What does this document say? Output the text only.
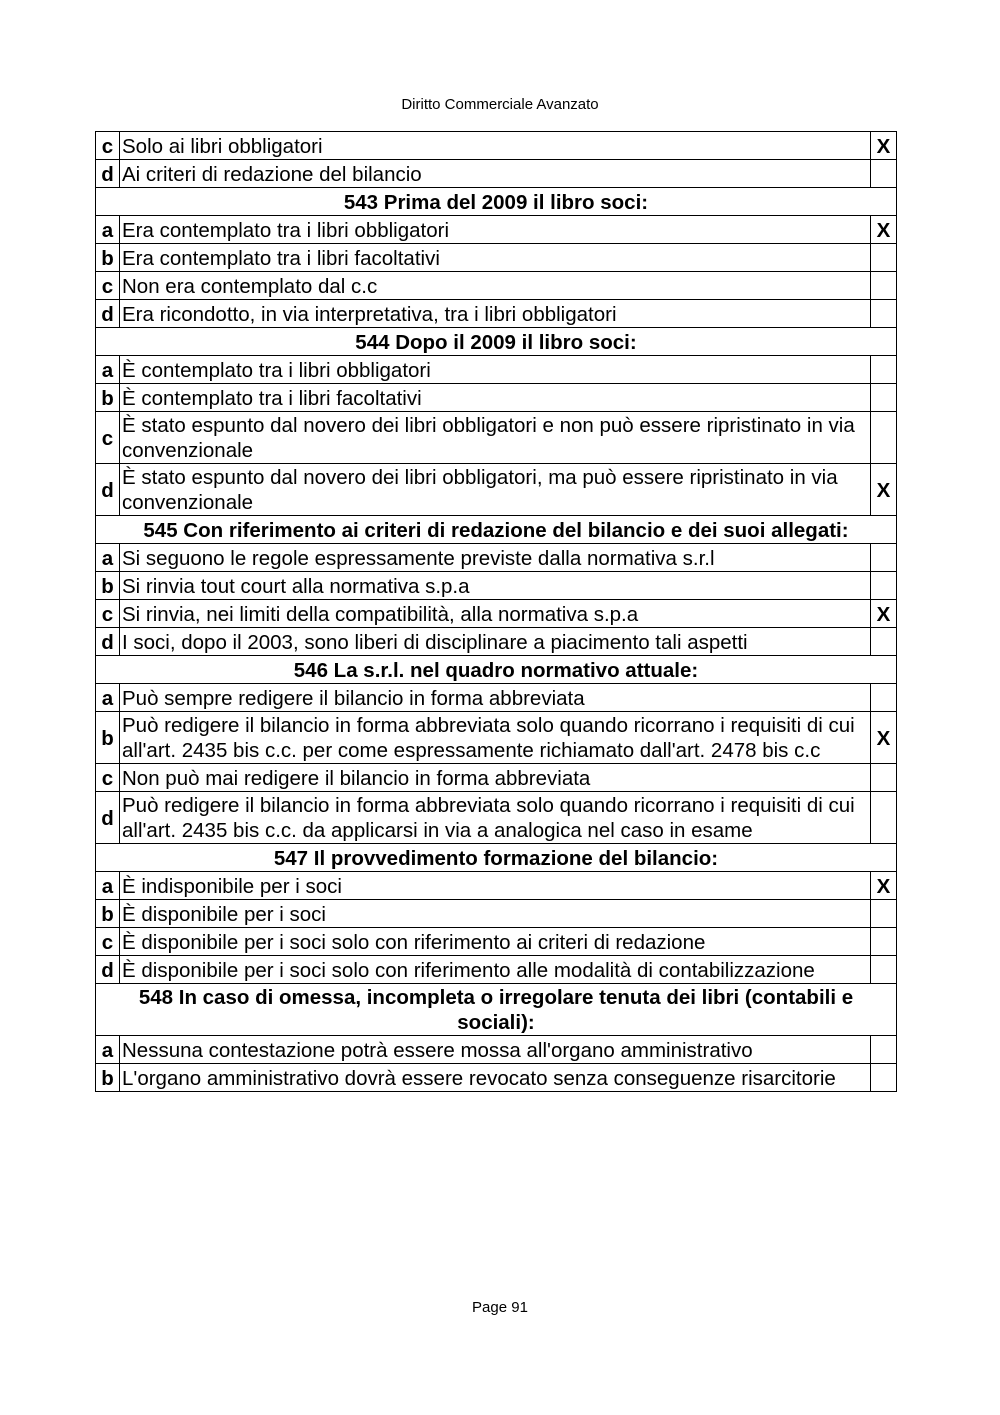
Diritto Commerciale Avanzato
c	Solo ai libri obbligatori	X
d	Ai criteri di redazione del bilancio	
543 Prima del 2009 il libro soci:		
a	Era contemplato tra i libri obbligatori	X
b	Era contemplato tra i libri facoltativi	
c	Non era contemplato dal c.c	
d	Era ricondotto, in via interpretativa, tra i libri obbligatori	
544 Dopo il 2009 il libro soci:		
a	È contemplato tra i libri obbligatori	
b	È contemplato tra i libri facoltativi	
c	È stato espunto dal novero dei libri obbligatori e non può essere ripristinato in via convenzionale	
d	È stato espunto dal novero dei libri obbligatori, ma può essere ripristinato in via convenzionale	X
545 Con riferimento ai criteri di redazione del bilancio e dei suoi allegati:		
a	Si seguono le regole espressamente previste dalla normativa s.r.l	
b	Si rinvia tout court alla normativa s.p.a	
c	Si rinvia, nei limiti della compatibilità, alla normativa s.p.a	X
d	I soci, dopo il 2003, sono liberi di disciplinare a piacimento tali aspetti	
546 La s.r.l. nel quadro normativo attuale:		
a	Può sempre redigere il bilancio in forma abbreviata	
b	Può redigere il bilancio in forma abbreviata solo quando ricorrano i requisiti di cui all'art. 2435 bis c.c. per come espressamente richiamato dall'art. 2478 bis c.c	X
c	Non può mai redigere il bilancio in forma abbreviata	
d	Può redigere il bilancio in forma abbreviata solo quando ricorrano i requisiti di cui all'art. 2435 bis c.c. da applicarsi in via a analogica nel caso in esame	
547 Il provvedimento formazione del bilancio:		
a	È indisponibile per i soci	X
b	È disponibile per i soci	
c	È disponibile per i soci solo con riferimento ai criteri di redazione	
d	È disponibile per i soci solo con riferimento alle modalità di contabilizzazione	
548 In caso di omessa, incompleta o irregolare tenuta dei libri (contabili e sociali):		
a	Nessuna contestazione potrà essere mossa all'organo amministrativo	
b	L'organo amministrativo dovrà essere revocato senza conseguenze risarcitorie	
Page 91
